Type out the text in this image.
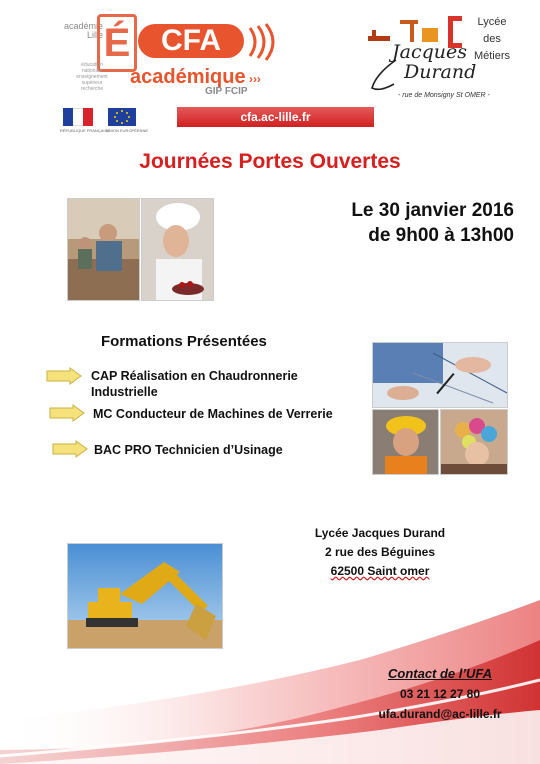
académie
Lille É	CFA
éducation
nationale
enseignement
supérieur
recherche
académique ›››
GIP FCIP
RÉPUBLIQUE FRANÇAISE
UNION EUROPÉENNE
cfa.ac-lille.fr
Lycée
des
Métiers
Jacques
Durand
- rue de Monsigny St OMER -
Journées Portes Ouvertes
Le 30 janvier 2016
de 9h00 à 13h00
Formations Présentées
CAP Réalisation en Chaudronnerie Industrielle
MC Conducteur de Machines de Verrerie
BAC PRO Technicien d’Usinage
Lycée Jacques Durand
2 rue des Béguines
62500 Saint omer
Contact de l’UFA
03 21 12 27 80
ufa.durand@ac-lille.fr
